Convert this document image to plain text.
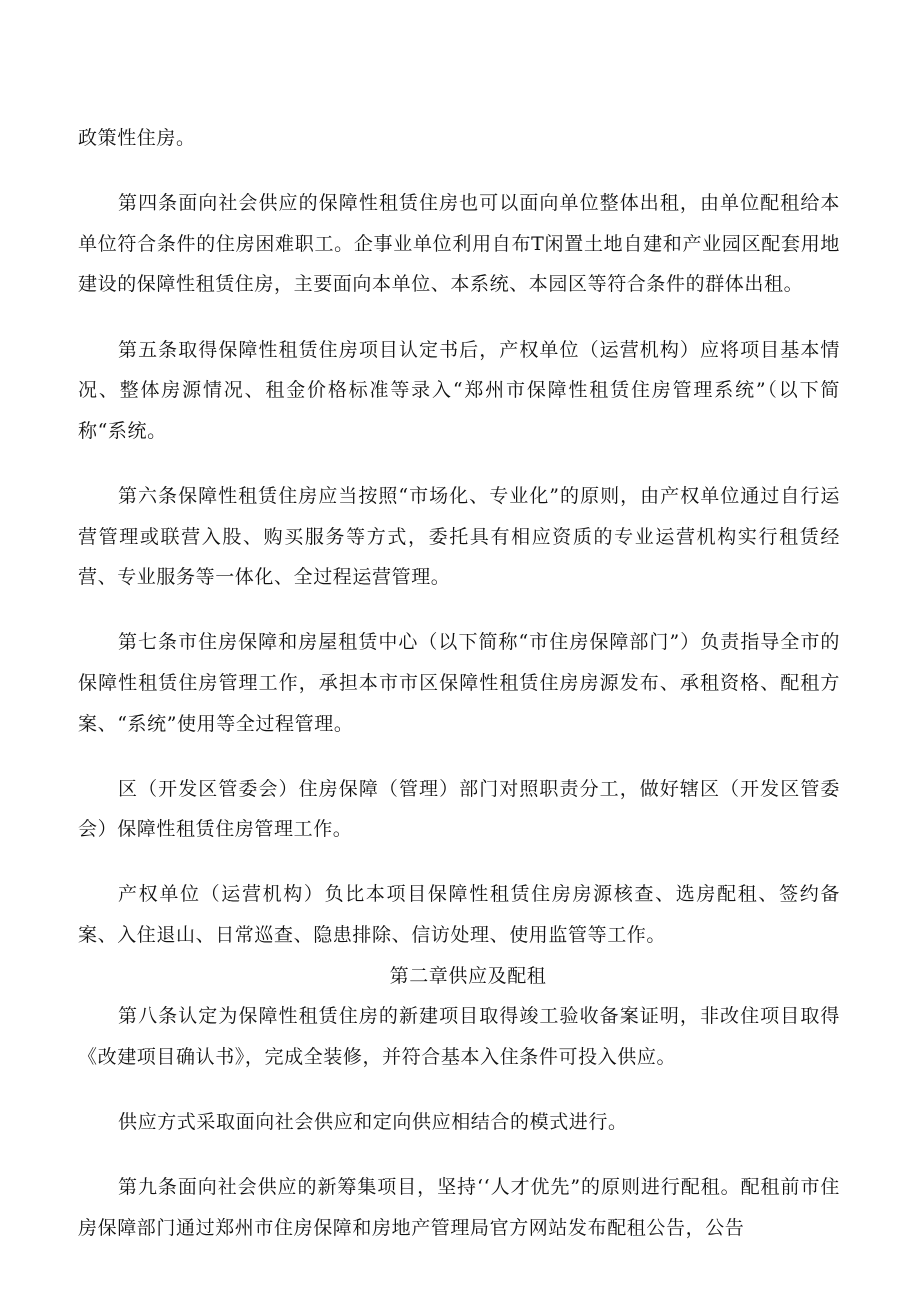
政策性住房。

第四条面向社会供应的保障性租赁住房也可以面向单位整体出租，由单位配租给本单位符合条件的住房困难职工。企事业单位利用自布T闲置土地自建和产业园区配套用地建设的保障性租赁住房，主要面向本单位、本系统、本园区等符合条件的群体出租。

第五条取得保障性租赁住房项目认定书后，产权单位（运营机构）应将项目基本情况、整体房源情况、租金价格标准等录入“郑州市保障性租赁住房管理系统”（以下简称“系统。

第六条保障性租赁住房应当按照“市场化、专业化”的原则，由产权单位通过自行运营管理或联营入股、购买服务等方式，委托具有相应资质的专业运营机构实行租赁经营、专业服务等一体化、全过程运营管理。

第七条市住房保障和房屋租赁中心（以下简称“市住房保障部门”）负责指导全市的保障性租赁住房管理工作，承担本市市区保障性租赁住房房源发布、承租资格、配租方案、“系统”使用等全过程管理。

区（开发区管委会）住房保障（管理）部门对照职责分工，做好辖区（开发区管委会）保障性租赁住房管理工作。

产权单位（运营机构）负比本项目保障性租赁住房房源核查、选房配租、签约备案、入住退山、日常巡查、隐患排除、信访处理、使用监管等工作。

第二章供应及配租

第八条认定为保障性租赁住房的新建项目取得竣工验收备案证明，非改住项目取得《改建项目确认书》，完成全装修，并符合基本入住条件可投入供应。

供应方式采取面向社会供应和定向供应相结合的模式进行。

第九条面向社会供应的新筹集项目，坚持‘‘人才优先”的原则进行配租。配租前市住房保障部门通过郑州市住房保障和房地产管理局官方网站发布配租公告，公告
